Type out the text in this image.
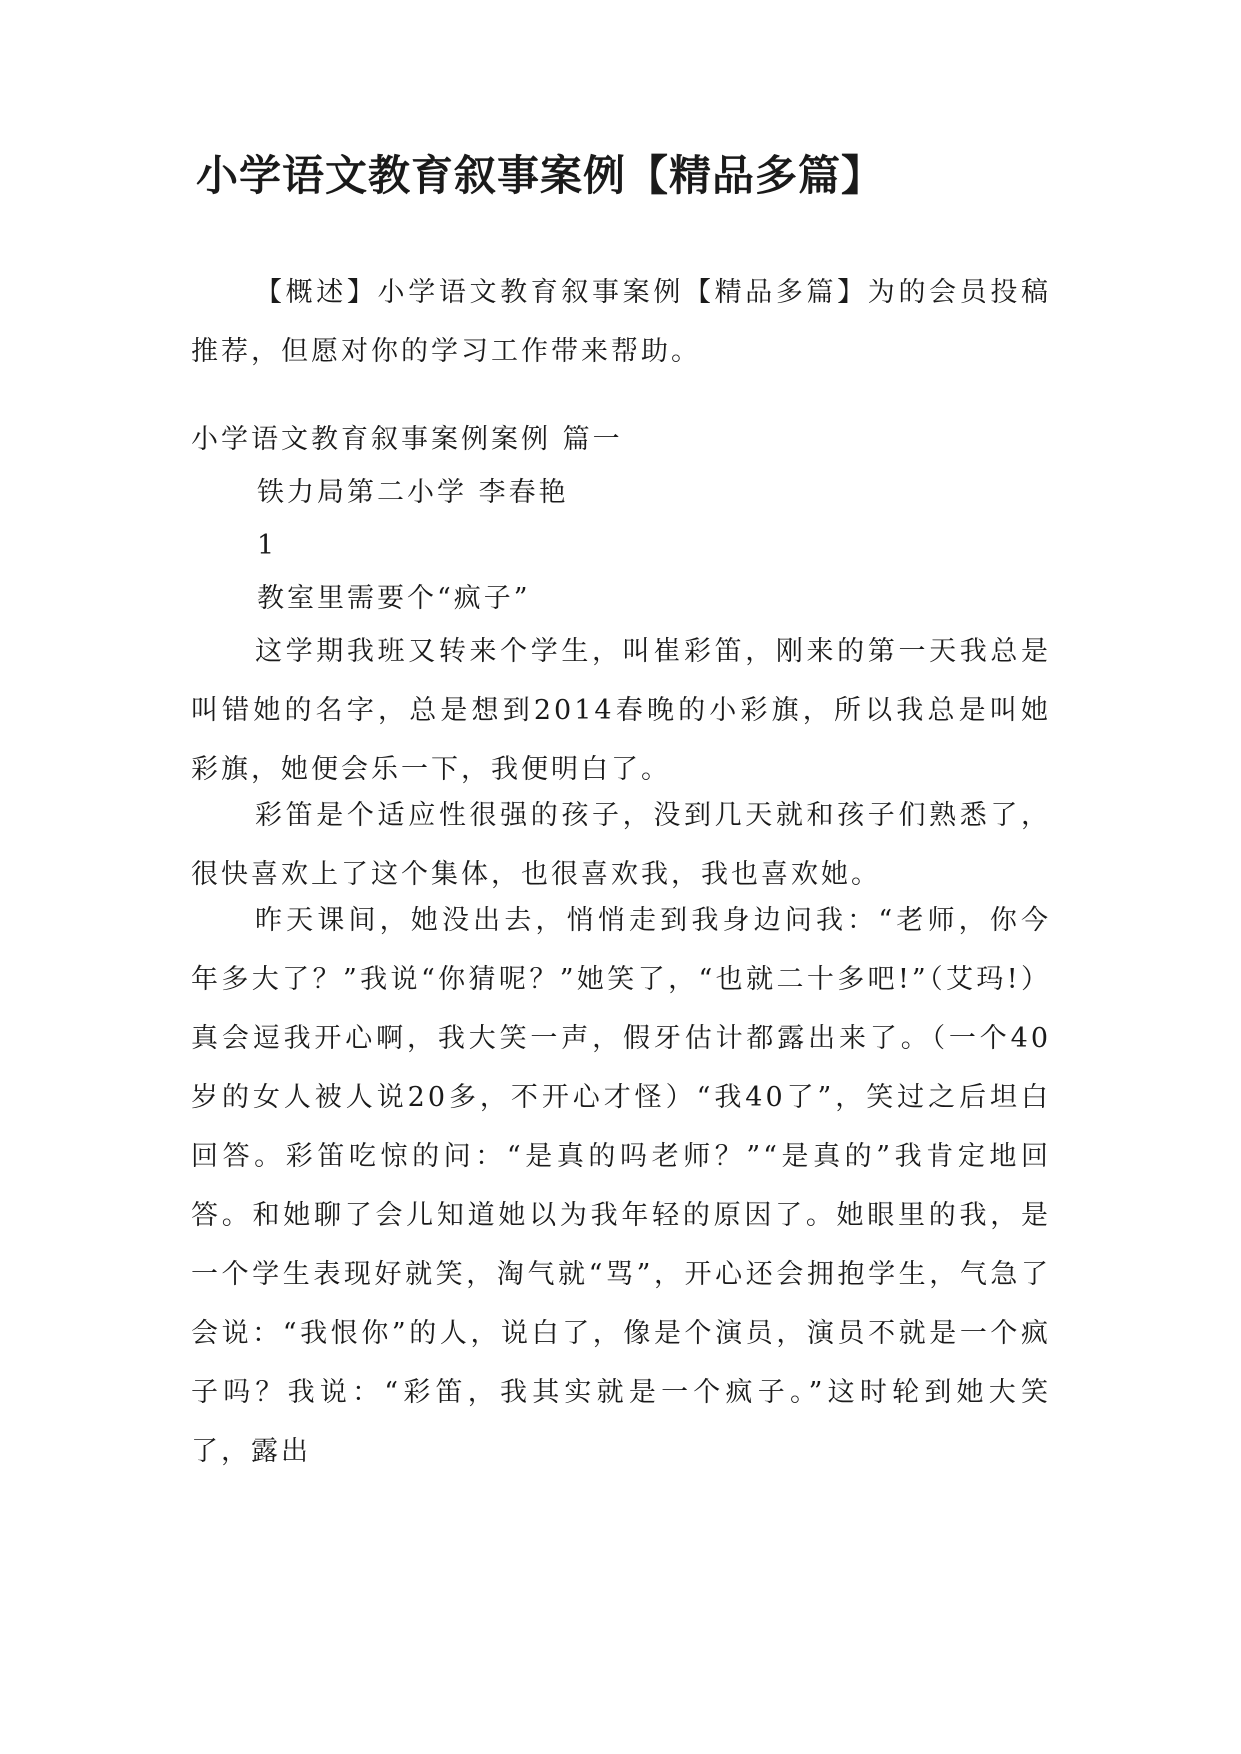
小学语文教育叙事案例【精品多篇】

【概述】小学语文教育叙事案例【精品多篇】为的会员投稿推荐，但愿对你的学习工作带来帮助。

小学语文教育叙事案例案例 篇一

铁力局第二小学 李春艳

1

教室里需要个“疯子”

这学期我班又转来个学生，叫崔彩笛，刚来的第一天我总是叫错她的名字，总是想到2014春晚的小彩旗，所以我总是叫她彩旗，她便会乐一下，我便明白了。

彩笛是个适应性很强的孩子，没到几天就和孩子们熟悉了，很快喜欢上了这个集体，也很喜欢我，我也喜欢她。

昨天课间，她没出去，悄悄走到我身边问我：“老师，你今年多大了？”我说“你猜呢？”她笑了，“也就二十多吧!”（艾玛!）真会逗我开心啊，我大笑一声，假牙估计都露出来了。（一个40岁的女人被人说20多，不开心才怪）“我40了”，笑过之后坦白回答。彩笛吃惊的问：“是真的吗老师？”“是真的”我肯定地回答。和她聊了会儿知道她以为我年轻的原因了。她眼里的我，是一个学生表现好就笑，淘气就“骂”，开心还会拥抱学生，气急了会说：“我恨你”的人，说白了，像是个演员，演员不就是一个疯子吗？我说：“彩笛，我其实就是一个疯子。”这时轮到她大笑了，露出
